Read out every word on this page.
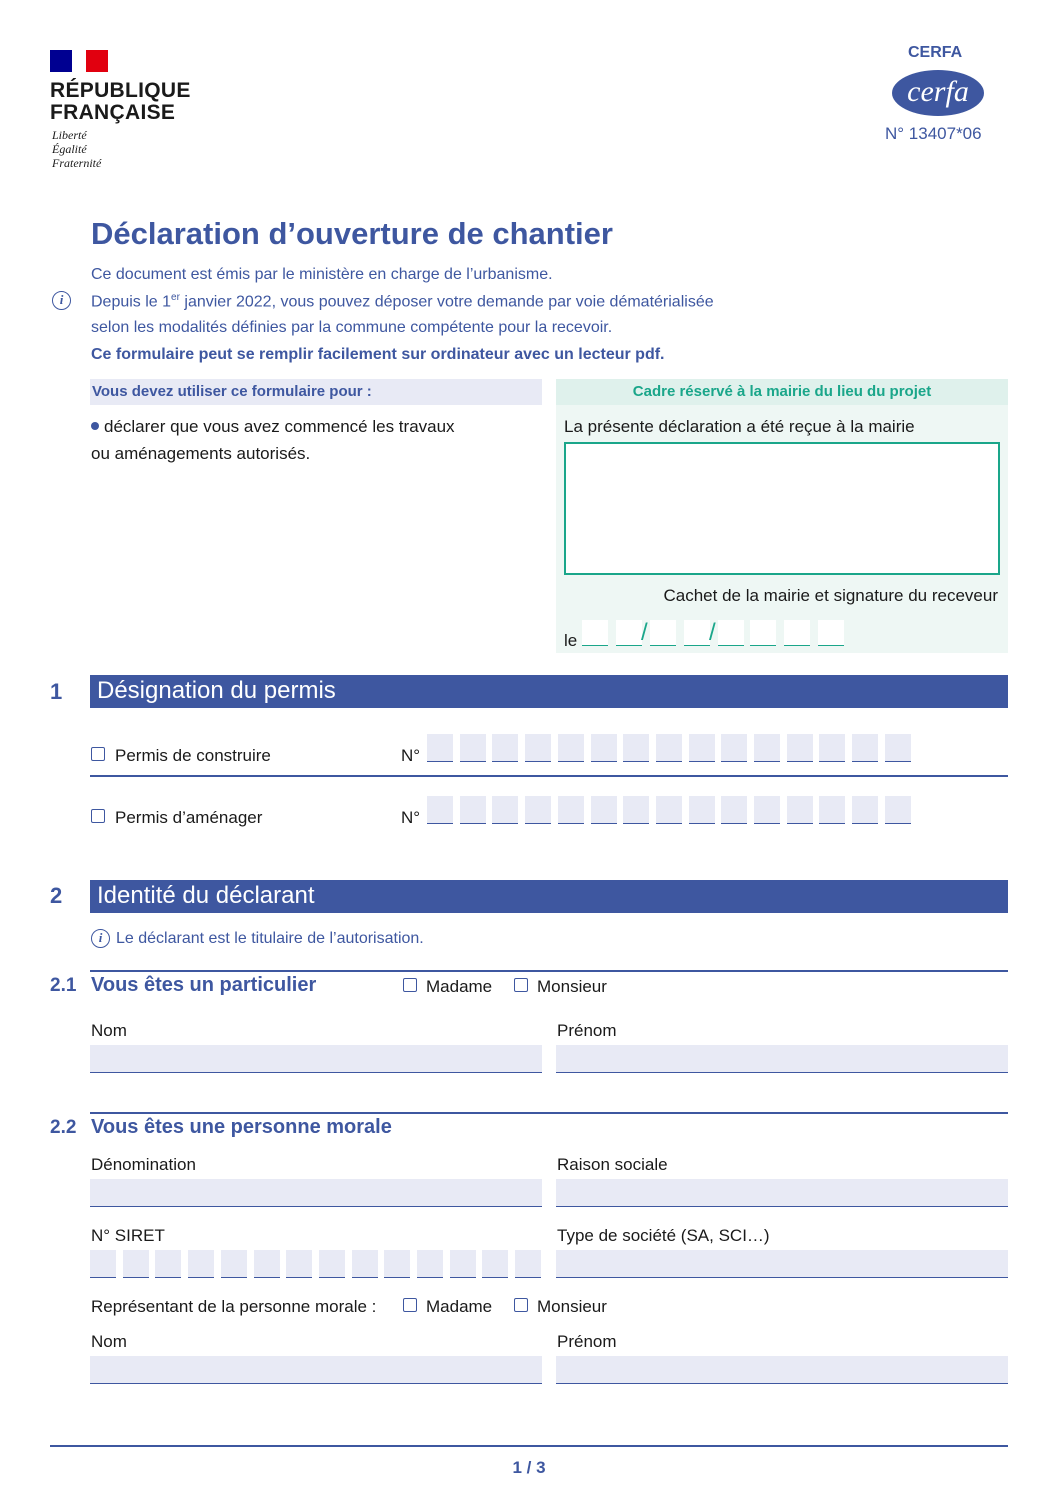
RÉPUBLIQUE
FRANÇAISE
Liberté
Égalité
Fraternité
CERFA
cerfa
N° 13407*06
Déclaration d’ouverture de chantier
Ce document est émis par le ministère en charge de l’urbanisme.
i	Depuis le 1er janvier 2022, vous pouvez déposer votre demande par voie dématérialisée
selon les modalités définies par la commune compétente pour la recevoir.
Ce formulaire peut se remplir facilement sur ordinateur avec un lecteur pdf.
Vous devez utiliser ce formulaire pour :
déclarer que vous avez commencé les travaux
ou aménagements autorisés.
Cadre réservé à la mairie du lieu du projet
La présente déclaration a été reçue à la mairie
Cachet de la mairie et signature du receveur
le	/	/
1 Désignation du permis
Permis de construire	N°
Permis d’aménager	N°
2 Identité du déclarant
i Le déclarant est le titulaire de l’autorisation.
2.1 Vous êtes un particulier	Madame	Monsieur
Nom	Prénom
2.2 Vous êtes une personne morale
Dénomination	Raison sociale
N° SIRET	Type de société (SA, SCI…)
Représentant de la personne morale :	Madame	Monsieur
Nom	Prénom
1 / 3
